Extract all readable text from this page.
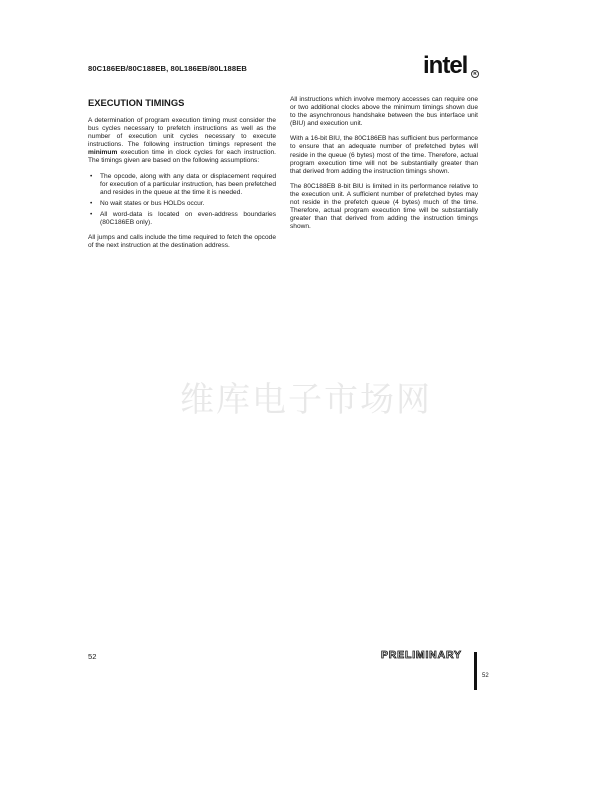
80C186EB/80C188EB, 80L186EB/80L188EB	intel	R
EXECUTION TIMINGS

A determination of program execution timing must consider the bus cycles necessary to prefetch instructions as well as the number of execution unit cycles necessary to execute instructions. The following instruction timings represent the minimum execution time in clock cycles for each instruction. The timings given are based on the following assumptions:

• The opcode, along with any data or displacement required for execution of a particular instruction, has been prefetched and resides in the queue at the time it is needed.
• No wait states or bus HOLDs occur.
• All word-data is located on even-address boundaries (80C186EB only).

All jumps and calls include the time required to fetch the opcode of the next instruction at the destination address.

All instructions which involve memory accesses can require one or two additional clocks above the minimum timings shown due to the asynchronous handshake between the bus interface unit (BIU) and execution unit.

With a 16-bit BIU, the 80C186EB has sufficient bus performance to ensure that an adequate number of prefetched bytes will reside in the queue (6 bytes) most of the time. Therefore, actual program execution time will not be substantially greater than that derived from adding the instruction timings shown.

The 80C188EB 8-bit BIU is limited in its performance relative to the execution unit. A sufficient number of prefetched bytes may not reside in the prefetch queue (4 bytes) much of the time. Therefore, actual program execution time will be substantially greater than that derived from adding the instruction timings shown.

维库电子市场网
52	PRELIMINARY
52
